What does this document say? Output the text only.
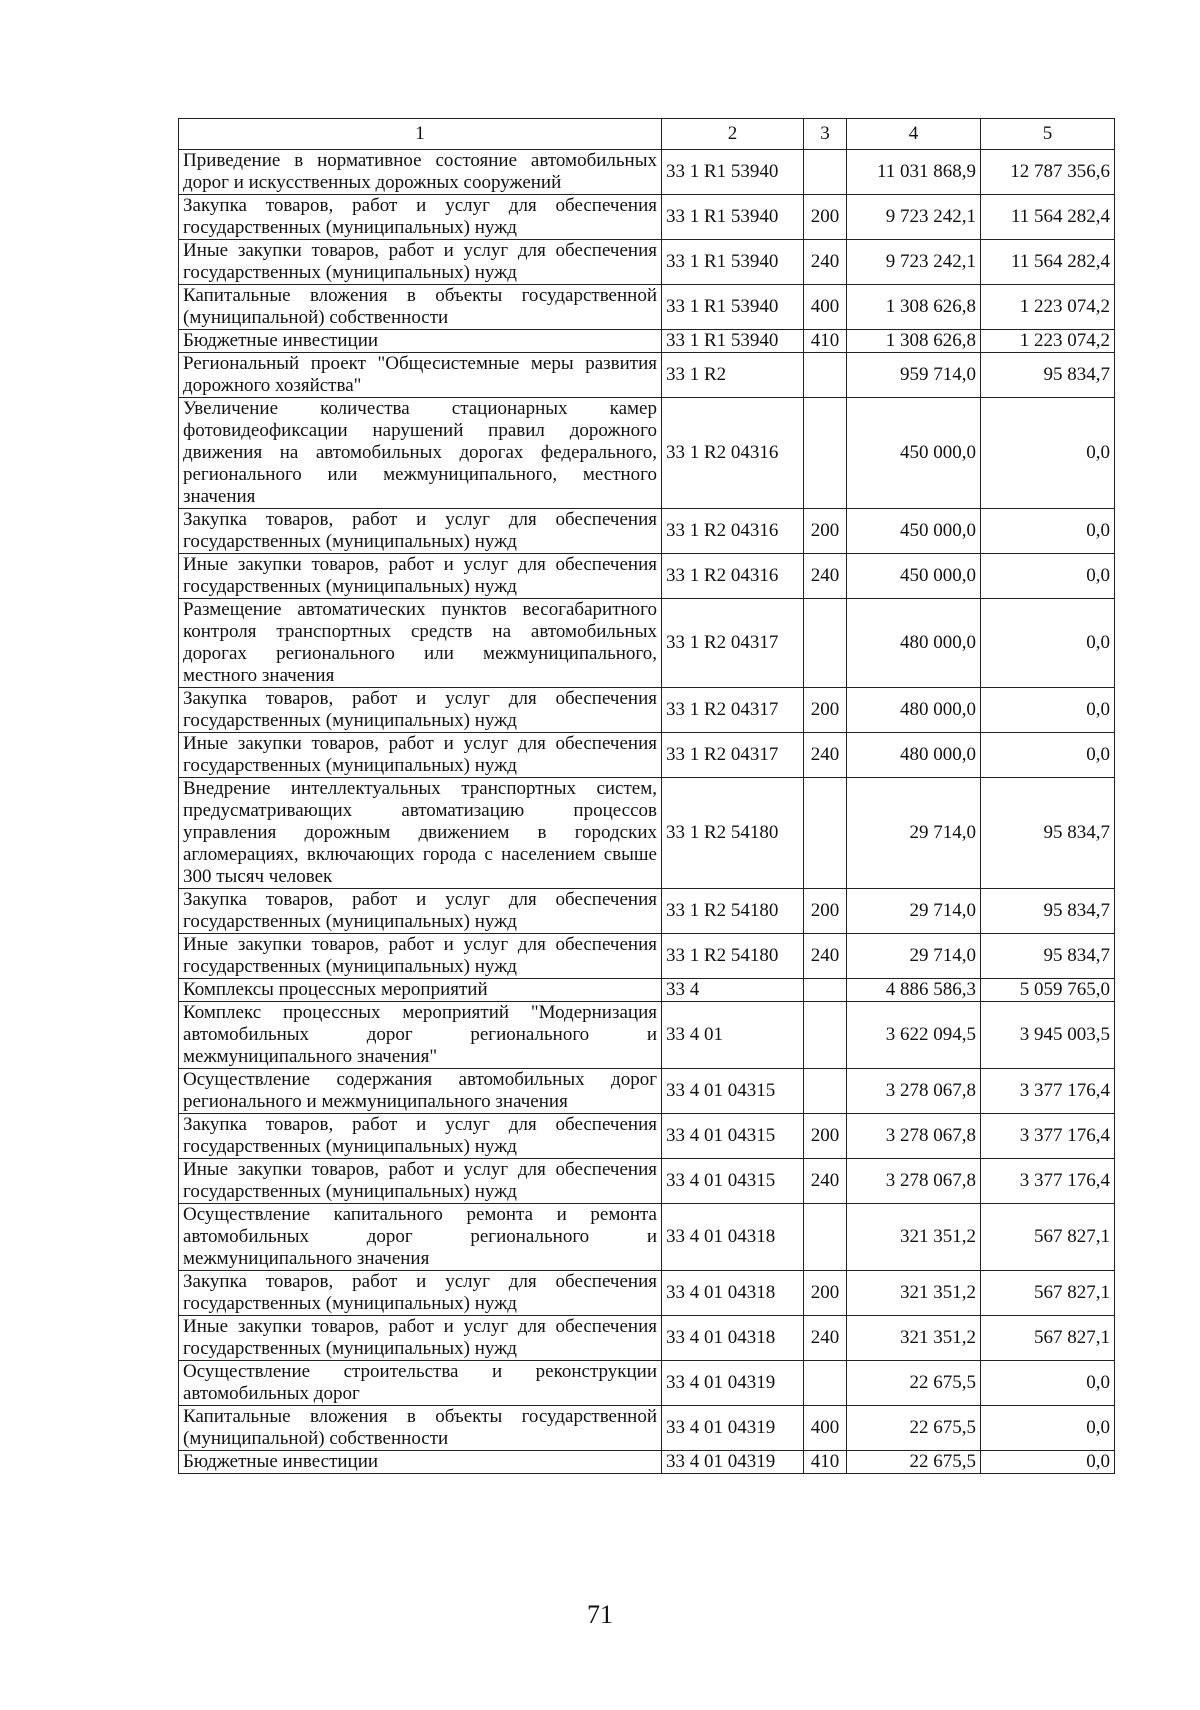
1	2	3	4	5
Приведение в нормативное состояние автомобильных дорог и искусственных дорожных сооружений	33 1 R1 53940		11 031 868,9	12 787 356,6
Закупка товаров, работ и услуг для обеспечения государственных (муниципальных) нужд	33 1 R1 53940	200	9 723 242,1	11 564 282,4
Иные закупки товаров, работ и услуг для обеспечения государственных (муниципальных) нужд	33 1 R1 53940	240	9 723 242,1	11 564 282,4
Капитальные вложения в объекты государственной (муниципальной) собственности	33 1 R1 53940	400	1 308 626,8	1 223 074,2
Бюджетные инвестиции	33 1 R1 53940	410	1 308 626,8	1 223 074,2
Региональный проект "Общесистемные меры развития дорожного хозяйства"	33 1 R2		959 714,0	95 834,7
Увеличение количества стационарных камер фотовидеофиксации нарушений правил дорожного движения на автомобильных дорогах федерального, регионального или межмуниципального, местного значения	33 1 R2 04316		450 000,0	0,0
Закупка товаров, работ и услуг для обеспечения государственных (муниципальных) нужд	33 1 R2 04316	200	450 000,0	0,0
Иные закупки товаров, работ и услуг для обеспечения государственных (муниципальных) нужд	33 1 R2 04316	240	450 000,0	0,0
Размещение автоматических пунктов весогабаритного контроля транспортных средств на автомобильных дорогах регионального или межмуниципального, местного значения	33 1 R2 04317		480 000,0	0,0
Закупка товаров, работ и услуг для обеспечения государственных (муниципальных) нужд	33 1 R2 04317	200	480 000,0	0,0
Иные закупки товаров, работ и услуг для обеспечения государственных (муниципальных) нужд	33 1 R2 04317	240	480 000,0	0,0
Внедрение интеллектуальных транспортных систем, предусматривающих автоматизацию процессов управления дорожным движением в городских агломерациях, включающих города с населением свыше 300 тысяч человек	33 1 R2 54180		29 714,0	95 834,7
Закупка товаров, работ и услуг для обеспечения государственных (муниципальных) нужд	33 1 R2 54180	200	29 714,0	95 834,7
Иные закупки товаров, работ и услуг для обеспечения государственных (муниципальных) нужд	33 1 R2 54180	240	29 714,0	95 834,7
Комплексы процессных мероприятий	33 4		4 886 586,3	5 059 765,0
Комплекс процессных мероприятий "Модернизация автомобильных дорог регионального и межмуниципального значения"	33 4 01		3 622 094,5	3 945 003,5
Осуществление содержания автомобильных дорог регионального и межмуниципального значения	33 4 01 04315		3 278 067,8	3 377 176,4
Закупка товаров, работ и услуг для обеспечения государственных (муниципальных) нужд	33 4 01 04315	200	3 278 067,8	3 377 176,4
Иные закупки товаров, работ и услуг для обеспечения государственных (муниципальных) нужд	33 4 01 04315	240	3 278 067,8	3 377 176,4
Осуществление капитального ремонта и ремонта автомобильных дорог регионального и межмуниципального значения	33 4 01 04318		321 351,2	567 827,1
Закупка товаров, работ и услуг для обеспечения государственных (муниципальных) нужд	33 4 01 04318	200	321 351,2	567 827,1
Иные закупки товаров, работ и услуг для обеспечения государственных (муниципальных) нужд	33 4 01 04318	240	321 351,2	567 827,1
Осуществление строительства и реконструкции автомобильных дорог	33 4 01 04319		22 675,5	0,0
Капитальные вложения в объекты государственной (муниципальной) собственности	33 4 01 04319	400	22 675,5	0,0
Бюджетные инвестиции	33 4 01 04319	410	22 675,5	0,0
71
